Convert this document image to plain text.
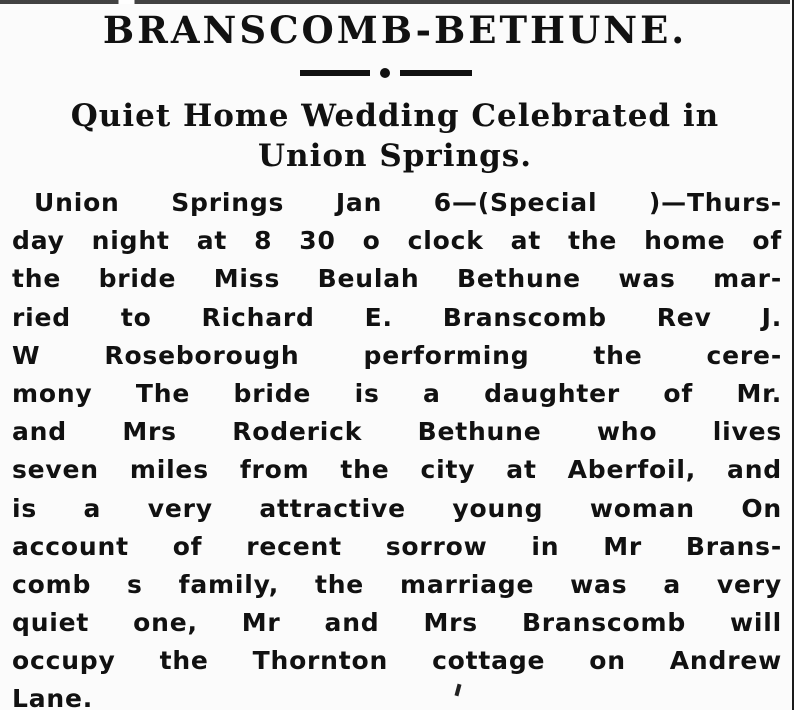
BRANSCOMB-BETHUNE.
Quiet Home Wedding Celebrated in
Union Springs.
Union Springs Jan 6—(Special )—Thurs-
day night at 8 30 o clock at the home of
the bride Miss Beulah Bethune was mar-
ried to Richard E. Branscomb Rev J.
W Roseborough performing the cere-
mony The bride is a daughter of Mr.
and Mrs Roderick Bethune who lives
seven miles from the city at Aberfoil, and
is a very attractive young woman On
account of recent sorrow in Mr Brans-
comb s family, the marriage was a very
quiet one, Mr and Mrs Branscomb will
occupy the Thornton cottage on Andrew
Lane.
